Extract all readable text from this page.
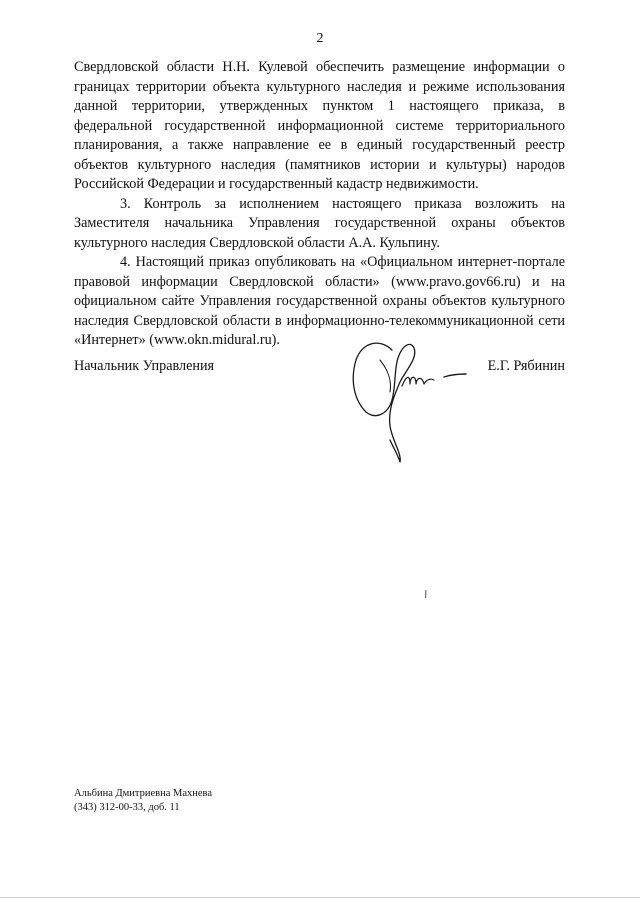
2

Свердловской области Н.Н. Кулевой обеспечить размещение информации о границах территории объекта культурного наследия и режиме использования данной территории, утвержденных пунктом 1 настоящего приказа, в федеральной государственной информационной системе территориального планирования, а также направление ее в единый государственный реестр объектов культурного наследия (памятников истории и культуры) народов Российской Федерации и государственный кадастр недвижимости.

3. Контроль за исполнением настоящего приказа возложить на Заместителя начальника Управления государственной охраны объектов культурного наследия Свердловской области А.А. Кульпину.

4. Настоящий приказ опубликовать на «Официальном интернет-портале правовой информации Свердловской области» (www.pravo.gov66.ru) и на официальном сайте Управления государственной охраны объектов культурного наследия Свердловской области в информационно-телекоммуникационной сети «Интернет» (www.okn.midural.ru).

Начальник Управления	Е.Г. Рябинин
Альбина Дмитриевна Махнева
(343) 312-00-33, доб. 11
